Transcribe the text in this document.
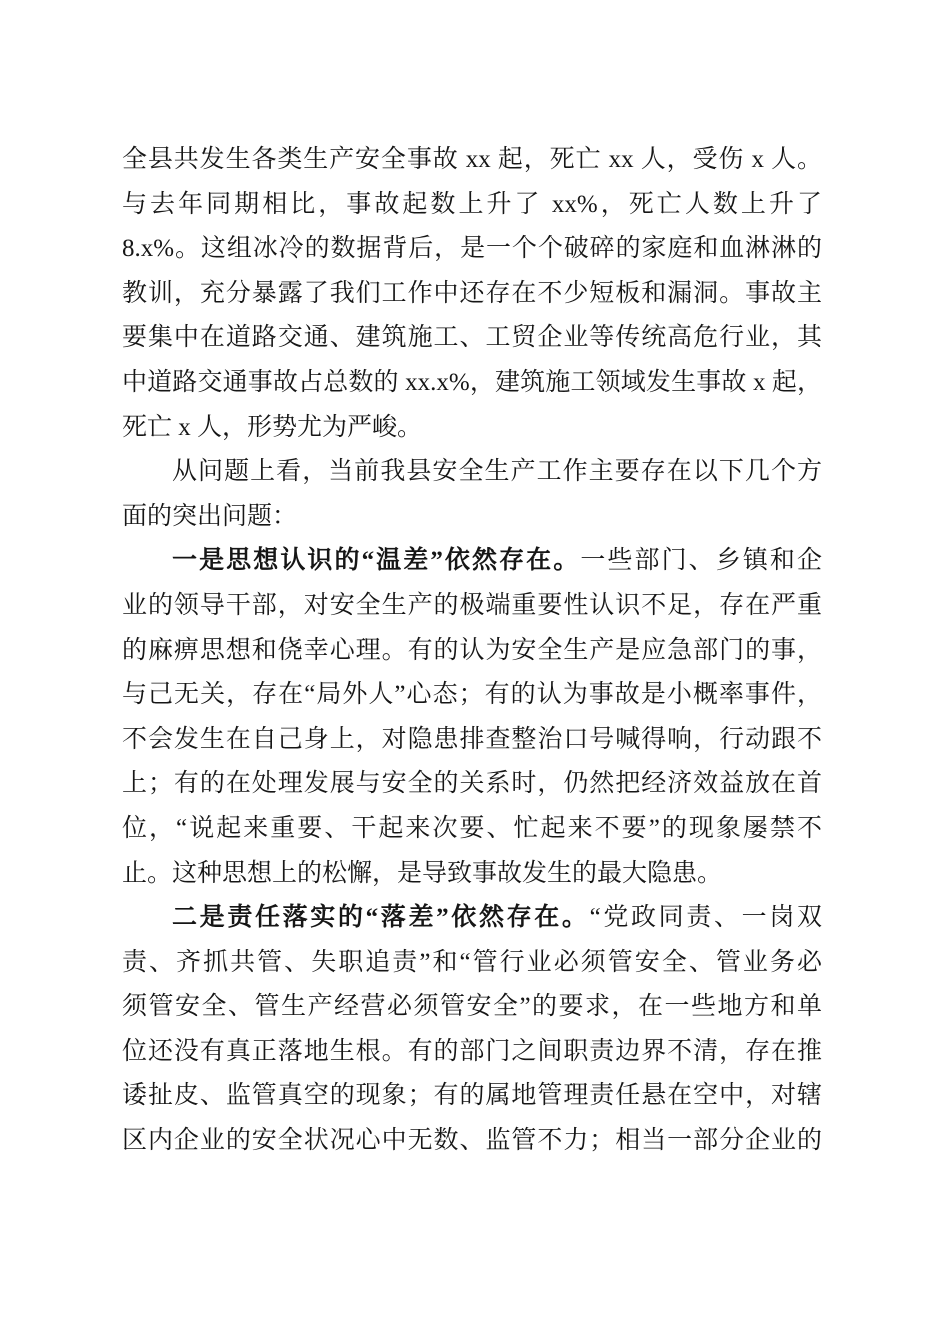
全县共发生各类生产安全事故 xx 起，死亡 xx 人，受伤 x 人。
与去年同期相比，事故起数上升了 xx%，死亡人数上升了
8.x%。这组冰冷的数据背后，是一个个破碎的家庭和血淋淋的
教训，充分暴露了我们工作中还存在不少短板和漏洞。事故主
要集中在道路交通、建筑施工、工贸企业等传统高危行业，其
中道路交通事故占总数的 xx.x%，建筑施工领域发生事故 x 起，
死亡 x 人，形势尤为严峻。
从问题上看，当前我县安全生产工作主要存在以下几个方
面的突出问题：
一是思想认识的“温差”依然存在。一些部门、乡镇和企
业的领导干部，对安全生产的极端重要性认识不足，存在严重
的麻痹思想和侥幸心理。有的认为安全生产是应急部门的事，
与己无关，存在“局外人”心态；有的认为事故是小概率事件，
不会发生在自己身上，对隐患排查整治口号喊得响，行动跟不
上；有的在处理发展与安全的关系时，仍然把经济效益放在首
位，“说起来重要、干起来次要、忙起来不要”的现象屡禁不
止。这种思想上的松懈，是导致事故发生的最大隐患。
二是责任落实的“落差”依然存在。“党政同责、一岗双
责、齐抓共管、失职追责”和“管行业必须管安全、管业务必
须管安全、管生产经营必须管安全”的要求，在一些地方和单
位还没有真正落地生根。有的部门之间职责边界不清，存在推
诿扯皮、监管真空的现象；有的属地管理责任悬在空中，对辖
区内企业的安全状况心中无数、监管不力；相当一部分企业的
